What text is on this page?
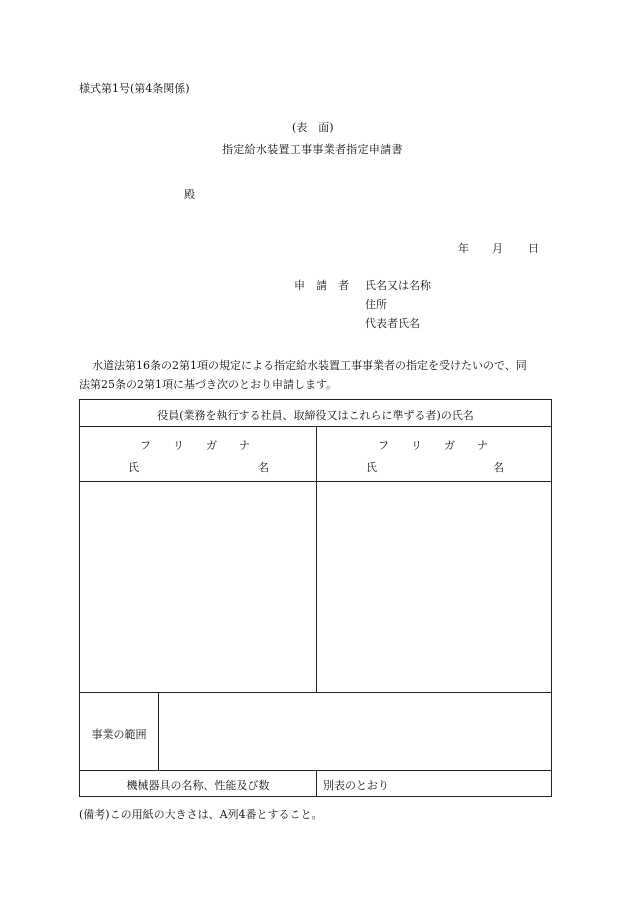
様式第1号(第4条関係)
(表　面)
指定給水装置工事事業者指定申請書
殿
年 月 日
申　請　者 氏名又は名称
住所
代表者氏名
水道法第16条の2第1項の規定による指定給水装置工事事業者の指定を受けたいので、同
法第25条の2第1項に基づき次のとおり申請します。
役員(業務を執行する社員、取締役又はこれらに準ずる者)の氏名
フ　　リ　　ガ　　ナ
氏	名
フ　　リ　　ガ　　ナ
氏	名
事業の範囲
機械器具の名称、性能及び数	別表のとおり
(備考)この用紙の大きさは、A列4番とすること。
